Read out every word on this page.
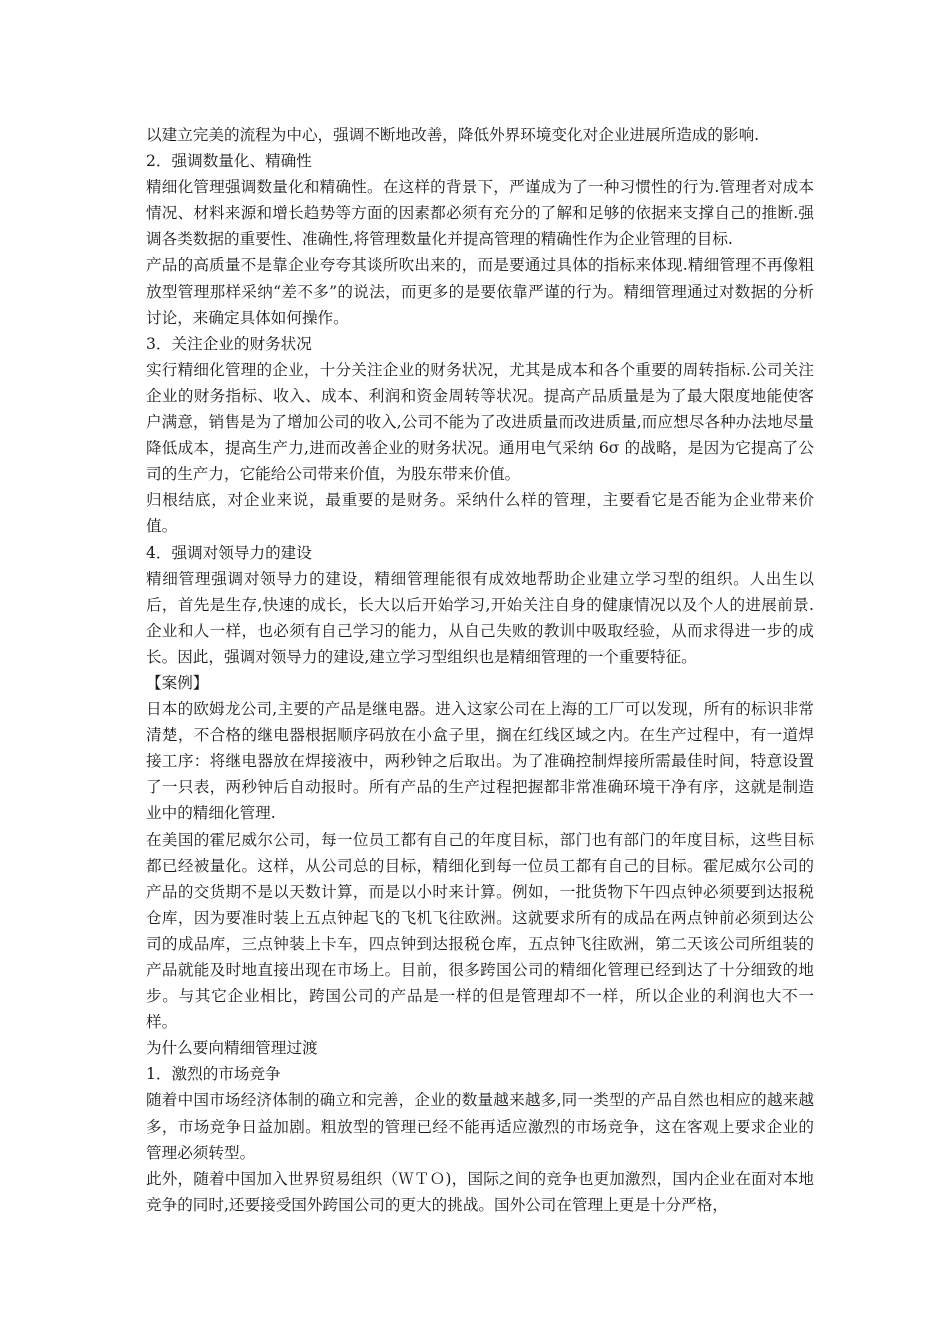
以建立完美的流程为中心，强调不断地改善，降低外界环境变化对企业进展所造成的影响.

2．强调数量化、精确性

精细化管理强调数量化和精确性。在这样的背景下，严谨成为了一种习惯性的行为.管理者对成本情况、材料来源和增长趋势等方面的因素都必须有充分的了解和足够的依据来支撑自己的推断.强调各类数据的重要性、准确性,将管理数量化并提高管理的精确性作为企业管理的目标.

产品的高质量不是靠企业夸夸其谈所吹出来的，而是要通过具体的指标来体现.精细管理不再像粗放型管理那样采纳“差不多”的说法，而更多的是要依靠严谨的行为。精细管理通过对数据的分析讨论，来确定具体如何操作。

3．关注企业的财务状况

实行精细化管理的企业，十分关注企业的财务状况，尤其是成本和各个重要的周转指标.公司关注企业的财务指标、收入、成本、利润和资金周转等状况。提高产品质量是为了最大限度地能使客户满意，销售是为了增加公司的收入,公司不能为了改进质量而改进质量,而应想尽各种办法地尽量降低成本，提高生产力,进而改善企业的财务状况。通用电气采纳 6σ 的战略，是因为它提高了公司的生产力，它能给公司带来价值，为股东带来价值。

归根结底，对企业来说，最重要的是财务。采纳什么样的管理，主要看它是否能为企业带来价值。

4．强调对领导力的建设

精细管理强调对领导力的建设，精细管理能很有成效地帮助企业建立学习型的组织。人出生以后，首先是生存,快速的成长，长大以后开始学习,开始关注自身的健康情况以及个人的进展前景.企业和人一样，也必须有自己学习的能力，从自己失败的教训中吸取经验，从而求得进一步的成长。因此，强调对领导力的建设,建立学习型组织也是精细管理的一个重要特征。

【案例】

日本的欧姆龙公司,主要的产品是继电器。进入这家公司在上海的工厂可以发现，所有的标识非常清楚，不合格的继电器根据顺序码放在小盒子里，搁在红线区域之内。在生产过程中，有一道焊接工序：将继电器放在焊接液中，两秒钟之后取出。为了准确控制焊接所需最佳时间，特意设置了一只表，两秒钟后自动报时。所有产品的生产过程把握都非常准确环境干净有序，这就是制造业中的精细化管理.

在美国的霍尼威尔公司，每一位员工都有自己的年度目标，部门也有部门的年度目标，这些目标都已经被量化。这样，从公司总的目标，精细化到每一位员工都有自己的目标。霍尼威尔公司的产品的交货期不是以天数计算，而是以小时来计算。例如，一批货物下午四点钟必须要到达报税仓库，因为要准时装上五点钟起飞的飞机飞往欧洲。这就要求所有的成品在两点钟前必须到达公司的成品库，三点钟装上卡车，四点钟到达报税仓库，五点钟飞往欧洲，第二天该公司所组装的产品就能及时地直接出现在市场上。目前，很多跨国公司的精细化管理已经到达了十分细致的地步。与其它企业相比，跨国公司的产品是一样的但是管理却不一样，所以企业的利润也大不一样。

为什么要向精细管理过渡

1．激烈的市场竞争

随着中国市场经济体制的确立和完善，企业的数量越来越多,同一类型的产品自然也相应的越来越多，市场竞争日益加剧。粗放型的管理已经不能再适应激烈的市场竞争，这在客观上要求企业的管理必须转型。

此外，随着中国加入世界贸易组织（ＷＴＯ)，国际之间的竞争也更加激烈，国内企业在面对本地竞争的同时,还要接受国外跨国公司的更大的挑战。国外公司在管理上更是十分严格，
